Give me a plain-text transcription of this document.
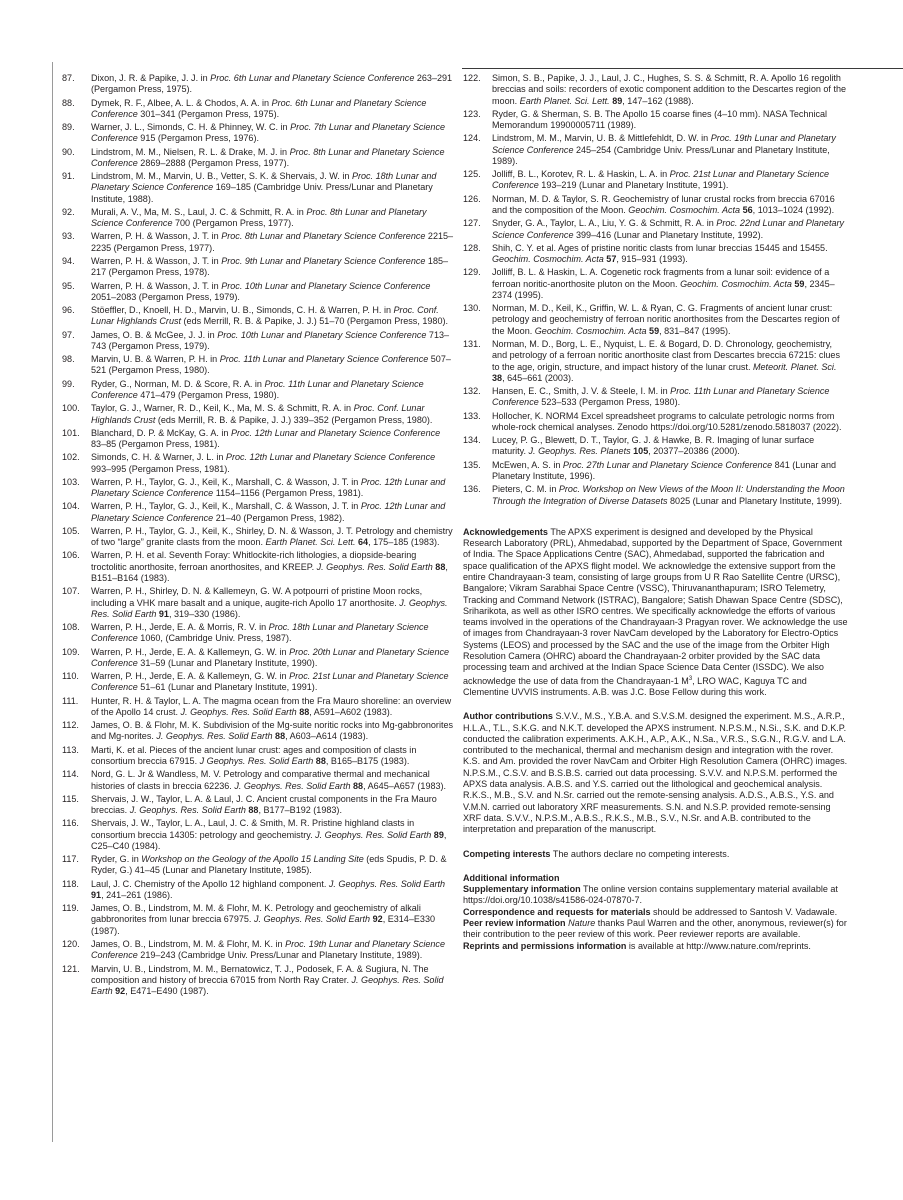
87.	Dixon, J. R. & Papike, J. J. in Proc. 6th Lunar and Planetary Science Conference 263–291 (Pergamon Press, 1975).
88.	Dymek, R. F., Albee, A. L. & Chodos, A. A. in Proc. 6th Lunar and Planetary Science Conference 301–341 (Pergamon Press, 1975).
89.	Warner, J. L., Simonds, C. H. & Phinney, W. C. in Proc. 7th Lunar and Planetary Science Conference 915 (Pergamon Press, 1976).
90.	Lindstrom, M. M., Nielsen, R. L. & Drake, M. J. in Proc. 8th Lunar and Planetary Science Conference 2869–2888 (Pergamon Press, 1977).
91.	Lindstrom, M. M., Marvin, U. B., Vetter, S. K. & Shervais, J. W. in Proc. 18th Lunar and Planetary Science Conference 169–185 (Cambridge Univ. Press/Lunar and Planetary Institute, 1988).
92.	Murali, A. V., Ma, M. S., Laul, J. C. & Schmitt, R. A. in Proc. 8th Lunar and Planetary Science Conference 700 (Pergamon Press, 1977).
93.	Warren, P. H. & Wasson, J. T. in Proc. 8th Lunar and Planetary Science Conference 2215–2235 (Pergamon Press, 1977).
94.	Warren, P. H. & Wasson, J. T. in Proc. 9th Lunar and Planetary Science Conference 185–217 (Pergamon Press, 1978).
95.	Warren, P. H. & Wasson, J. T. in Proc. 10th Lunar and Planetary Science Conference 2051–2083 (Pergamon Press, 1979).
96.	Stöeffler, D., Knoell, H. D., Marvin, U. B., Simonds, C. H. & Warren, P. H. in Proc. Conf. Lunar Highlands Crust (eds Merrill, R. B. & Papike, J. J.) 51–70 (Pergamon Press, 1980).
97.	James, O. B. & McGee, J. J. in Proc. 10th Lunar and Planetary Science Conference 713–743 (Pergamon Press, 1979).
98.	Marvin, U. B. & Warren, P. H. in Proc. 11th Lunar and Planetary Science Conference 507–521 (Pergamon Press, 1980).
99.	Ryder, G., Norman, M. D. & Score, R. A. in Proc. 11th Lunar and Planetary Science Conference 471–479 (Pergamon Press, 1980).
100.	Taylor, G. J., Warner, R. D., Keil, K., Ma, M. S. & Schmitt, R. A. in Proc. Conf. Lunar Highlands Crust (eds Merrill, R. B. & Papike, J. J.) 339–352 (Pergamon Press, 1980).
101.	Blanchard, D. P. & McKay, G. A. in Proc. 12th Lunar and Planetary Science Conference 83–85 (Pergamon Press, 1981).
102.	Simonds, C. H. & Warner, J. L. in Proc. 12th Lunar and Planetary Science Conference 993–995 (Pergamon Press, 1981).
103.	Warren, P. H., Taylor, G. J., Keil, K., Marshall, C. & Wasson, J. T. in Proc. 12th Lunar and Planetary Science Conference 1154–1156 (Pergamon Press, 1981).
104.	Warren, P. H., Taylor, G. J., Keil, K., Marshall, C. & Wasson, J. T. in Proc. 12th Lunar and Planetary Science Conference 21–40 (Pergamon Press, 1982).
105.	Warren, P. H., Taylor, G. J., Keil, K., Shirley, D. N. & Wasson, J. T. Petrology and chemistry of two “large” granite clasts from the moon. Earth Planet. Sci. Lett. 64, 175–185 (1983).
106.	Warren, P. H. et al. Seventh Foray: Whitlockite-rich lithologies, a diopside-bearing troctolitic anorthosite, ferroan anorthosites, and KREEP. J. Geophys. Res. Solid Earth 88, B151–B164 (1983).
107.	Warren, P. H., Shirley, D. N. & Kallemeyn, G. W. A potpourri of pristine Moon rocks, including a VHK mare basalt and a unique, augite-rich Apollo 17 anorthosite. J. Geophys. Res. Solid Earth 91, 319–330 (1986).
108.	Warren, P. H., Jerde, E. A. & Morris, R. V. in Proc. 18th Lunar and Planetary Science Conference 1060, (Cambridge Univ. Press, 1987).
109.	Warren, P. H., Jerde, E. A. & Kallemeyn, G. W. in Proc. 20th Lunar and Planetary Science Conference 31–59 (Lunar and Planetary Institute, 1990).
110.	Warren, P. H., Jerde, E. A. & Kallemeyn, G. W. in Proc. 21st Lunar and Planetary Science Conference 51–61 (Lunar and Planetary Institute, 1991).
111.	Hunter, R. H. & Taylor, L. A. The magma ocean from the Fra Mauro shoreline: an overview of the Apollo 14 crust. J. Geophys. Res. Solid Earth 88, A591–A602 (1983).
112.	James, O. B. & Flohr, M. K. Subdivision of the Mg-suite noritic rocks into Mg-gabbronorites and Mg-norites. J. Geophys. Res. Solid Earth 88, A603–A614 (1983).
113.	Marti, K. et al. Pieces of the ancient lunar crust: ages and composition of clasts in consortium breccia 67915. J Geophys. Res. Solid Earth 88, B165–B175 (1983).
114.	Nord, G. L. Jr & Wandless, M. V. Petrology and comparative thermal and mechanical histories of clasts in breccia 62236. J. Geophys. Res. Solid Earth 88, A645–A657 (1983).
115.	Shervais, J. W., Taylor, L. A. & Laul, J. C. Ancient crustal components in the Fra Mauro breccias. J. Geophys. Res. Solid Earth 88, B177–B192 (1983).
116.	Shervais, J. W., Taylor, L. A., Laul, J. C. & Smith, M. R. Pristine highland clasts in consortium breccia 14305: petrology and geochemistry. J. Geophys. Res. Solid Earth 89, C25–C40 (1984).
117.	Ryder, G. in Workshop on the Geology of the Apollo 15 Landing Site (eds Spudis, P. D. & Ryder, G.) 41–45 (Lunar and Planetary Institute, 1985).
118.	Laul, J. C. Chemistry of the Apollo 12 highland component. J. Geophys. Res. Solid Earth 91, 241–261 (1986).
119.	James, O. B., Lindstrom, M. M. & Flohr, M. K. Petrology and geochemistry of alkali gabbronorites from lunar breccia 67975. J. Geophys. Res. Solid Earth 92, E314–E330 (1987).
120.	James, O. B., Lindstrom, M. M. & Flohr, M. K. in Proc. 19th Lunar and Planetary Science Conference 219–243 (Cambridge Univ. Press/Lunar and Planetary Institute, 1989).
121.	Marvin, U. B., Lindstrom, M. M., Bernatowicz, T. J., Podosek, F. A. & Sugiura, N. The composition and history of breccia 67015 from North Ray Crater. J. Geophys. Res. Solid Earth 92, E471–E490 (1987).
122.	Simon, S. B., Papike, J. J., Laul, J. C., Hughes, S. S. & Schmitt, R. A. Apollo 16 regolith breccias and soils: recorders of exotic component addition to the Descartes region of the moon. Earth Planet. Sci. Lett. 89, 147–162 (1988).
123.	Ryder, G. & Sherman, S. B. The Apollo 15 coarse fines (4–10 mm). NASA Technical Memorandum 19900005711 (1989).
124.	Lindstrom, M. M., Marvin, U. B. & Mittlefehldt, D. W. in Proc. 19th Lunar and Planetary Science Conference 245–254 (Cambridge Univ. Press/Lunar and Planetary Institute, 1989).
125.	Jolliff, B. L., Korotev, R. L. & Haskin, L. A. in Proc. 21st Lunar and Planetary Science Conference 193–219 (Lunar and Planetary Institute, 1991).
126.	Norman, M. D. & Taylor, S. R. Geochemistry of lunar crustal rocks from breccia 67016 and the composition of the Moon. Geochim. Cosmochim. Acta 56, 1013–1024 (1992).
127.	Snyder, G. A., Taylor, L. A., Liu, Y. G. & Schmitt, R. A. in Proc. 22nd Lunar and Planetary Science Conference 399–416 (Lunar and Planetary Institute, 1992).
128.	Shih, C. Y. et al. Ages of pristine noritic clasts from lunar breccias 15445 and 15455. Geochim. Cosmochim. Acta 57, 915–931 (1993).
129.	Jolliff, B. L. & Haskin, L. A. Cogenetic rock fragments from a lunar soil: evidence of a ferroan noritic-anorthosite pluton on the Moon. Geochim. Cosmochim. Acta 59, 2345–2374 (1995).
130.	Norman, M. D., Keil, K., Griffin, W. L. & Ryan, C. G. Fragments of ancient lunar crust: petrology and geochemistry of ferroan noritic anorthosites from the Descartes region of the Moon. Geochim. Cosmochim. Acta 59, 831–847 (1995).
131.	Norman, M. D., Borg, L. E., Nyquist, L. E. & Bogard, D. D. Chronology, geochemistry, and petrology of a ferroan noritic anorthosite clast from Descartes breccia 67215: clues to the age, origin, structure, and impact history of the lunar crust. Meteorit. Planet. Sci. 38, 645–661 (2003).
132.	Hansen, E. C., Smith, J. V. & Steele, I. M. in Proc. 11th Lunar and Planetary Science Conference 523–533 (Pergamon Press, 1980).
133.	Hollocher, K. NORM4 Excel spreadsheet programs to calculate petrologic norms from whole-rock chemical analyses. Zenodo https://doi.org/10.5281/zenodo.5818037 (2022).
134.	Lucey, P. G., Blewett, D. T., Taylor, G. J. & Hawke, B. R. Imaging of lunar surface maturity. J. Geophys. Res. Planets 105, 20377–20386 (2000).
135.	McEwen, A. S. in Proc. 27th Lunar and Planetary Science Conference 841 (Lunar and Planetary Institute, 1996).
136.	Pieters, C. M. in Proc. Workshop on New Views of the Moon II: Understanding the Moon Through the Integration of Diverse Datasets 8025 (Lunar and Planetary Institute, 1999).

Acknowledgements The APXS experiment is designed and developed by the Physical Research Laboratory (PRL), Ahmedabad, supported by the Department of Space, Government of India. The Space Applications Centre (SAC), Ahmedabad, supported the fabrication and space qualification of the APXS flight model. We acknowledge the extensive support from the entire Chandrayaan-3 team, consisting of large groups from U R Rao Satellite Centre (URSC), Bangalore; Vikram Sarabhai Space Centre (VSSC), Thiruvananthapuram; ISRO Telemetry, Tracking and Command Network (ISTRAC), Bangalore; Satish Dhawan Space Centre (SDSC), Sriharikota, as well as other ISRO centres. We specifically acknowledge the efforts of various teams involved in the operations of the Chandrayaan-3 Pragyan rover. We acknowledge the use of images from Chandrayaan-3 rover NavCam developed by the Laboratory for Electro-Optics Systems (LEOS) and processed by the SAC and the use of the image from the Orbiter High Resolution Camera (OHRC) aboard the Chandrayaan-2 orbiter provided by the SAC data processing team and archived at the Indian Space Science Data Center (ISSDC). We also acknowledge the use of data from the Chandrayaan-1 $M^3$, LRO WAC, Kaguya TC and Clementine UVVIS instruments. A.B. was J.C. Bose Fellow during this work.

Author contributions S.V.V., M.S., Y.B.A. and S.V.S.M. designed the experiment. M.S., A.R.P., H.L.A., T.L., S.K.G. and N.K.T. developed the APXS instrument. N.P.S.M., N.Si., S.K. and D.K.P. conducted the calibration experiments. A.K.H., A.P., A.K., N.Sa., V.R.S., S.G.N., R.G.V. and L.A. contributed to the mechanical, thermal and mechanism design and integration with the rover. K.S. and Am. provided the rover NavCam and Orbiter High Resolution Camera (OHRC) images. N.P.S.M., C.S.V. and B.S.B.S. carried out data processing. S.V.V. and N.P.S.M. performed the APXS data analysis. A.B.S. and Y.S. carried out the lithological and geochemical analysis. R.K.S., M.B., S.V. and N.Sr. carried out the remote-sensing analysis. A.D.S., A.B.S., Y.S. and V.M.N. carried out laboratory XRF measurements. S.N. and N.S.P. provided remote-sensing XRF data. S.V.V., N.P.S.M., A.B.S., R.K.S., M.B., S.V., N.Sr. and A.B. contributed to the interpretation and preparation of the manuscript.

Competing interests The authors declare no competing interests.

Additional information

Supplementary information The online version contains supplementary material available at https://doi.org/10.1038/s41586-024-07870-7.

Correspondence and requests for materials should be addressed to Santosh V. Vadawale.

Peer review information Nature thanks Paul Warren and the other, anonymous, reviewer(s) for their contribution to the peer review of this work. Peer reviewer reports are available.

Reprints and permissions information is available at http://www.nature.com/reprints.
